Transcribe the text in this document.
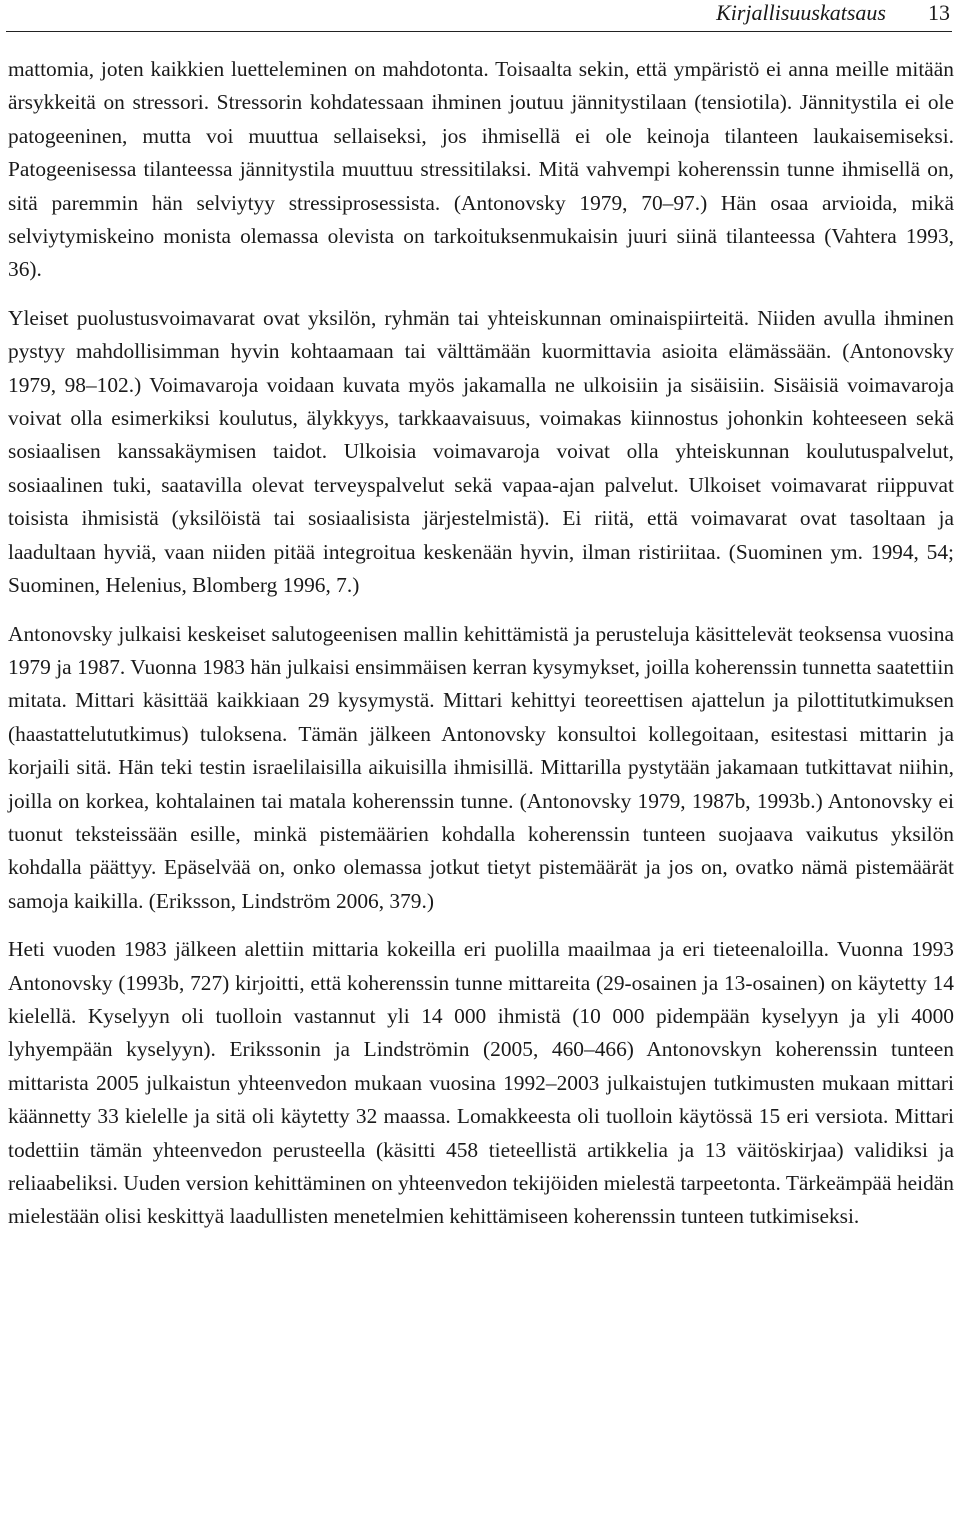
Kirjallisuuskatsaus 13

mattomia, joten kaikkien luetteleminen on mahdotonta. Toisaalta sekin, että ympäristö ei anna meille mitään ärsykkeitä on stressori. Stressorin kohdatessaan ihminen joutuu jännitystilaan (tensiotila). Jännitystila ei ole patogeeninen, mutta voi muuttua sellaiseksi, jos ihmisellä ei ole keinoja tilanteen laukaisemiseksi. Patogeenisessa tilanteessa jännitystila muuttuu stressitilaksi. Mitä vahvempi koherenssin tunne ihmisellä on, sitä paremmin hän selviytyy stressiprosessista. (Antonovsky 1979, 70–97.) Hän osaa arvioida, mikä selviytymiskeino monista olemassa olevista on tarkoituksenmukaisin juuri siinä tilanteessa (Vahtera 1993, 36).

Yleiset puolustusvoimavarat ovat yksilön, ryhmän tai yhteiskunnan ominaispiirteitä. Niiden avulla ihminen pystyy mahdollisimman hyvin kohtaamaan tai välttämään kuormittavia asioita elämässään. (Antonovsky 1979, 98–102.) Voimavaroja voidaan kuvata myös jakamalla ne ulkoisiin ja sisäisiin. Sisäisiä voimavaroja voivat olla esimerkiksi koulutus, älykkyys, tarkkaavaisuus, voimakas kiinnostus johonkin kohteeseen sekä sosiaalisen kanssakäymisen taidot. Ulkoisia voimavaroja voivat olla yhteiskunnan koulutuspalvelut, sosiaalinen tuki, saatavilla olevat terveyspalvelut sekä vapaa-ajan palvelut. Ulkoiset voimavarat riippuvat toisista ihmisistä (yksilöistä tai sosiaalisista järjestelmistä). Ei riitä, että voimavarat ovat tasoltaan ja laadultaan hyviä, vaan niiden pitää integroitua keskenään hyvin, ilman ristiriitaa. (Suominen ym. 1994, 54; Suominen, Helenius, Blomberg 1996, 7.)

Antonovsky julkaisi keskeiset salutogeenisen mallin kehittämistä ja perusteluja käsittelevät teoksensa vuosina 1979 ja 1987. Vuonna 1983 hän julkaisi ensimmäisen kerran kysymykset, joilla koherenssin tunnetta saatettiin mitata. Mittari käsittää kaikkiaan 29 kysymystä. Mittari kehittyi teoreettisen ajattelun ja pilottitutkimuksen (haastattelututkimus) tuloksena. Tämän jälkeen Antonovsky konsultoi kollegoitaan, esitestasi mittarin ja korjaili sitä. Hän teki testin israelilaisilla aikuisilla ihmisillä. Mittarilla pystytään jakamaan tutkittavat niihin, joilla on korkea, kohtalainen tai matala koherenssin tunne. (Antonovsky 1979, 1987b, 1993b.) Antonovsky ei tuonut teksteissään esille, minkä pistemäärien kohdalla koherenssin tunteen suojaava vaikutus yksilön kohdalla päättyy. Epäselvää on, onko olemassa jotkut tietyt pistemäärät ja jos on, ovatko nämä pistemäärät samoja kaikilla. (Eriksson, Lindström 2006, 379.)

Heti vuoden 1983 jälkeen alettiin mittaria kokeilla eri puolilla maailmaa ja eri tieteenaloilla. Vuonna 1993 Antonovsky (1993b, 727) kirjoitti, että koherenssin tunne mittareita (29-osainen ja 13-osainen) on käytetty 14 kielellä. Kyselyyn oli tuolloin vastannut yli 14 000 ihmistä (10 000 pidempään kyselyyn ja yli 4000 lyhyempään kyselyyn). Erikssonin ja Lindströmin (2005, 460–466) Antonovskyn koherenssin tunteen mittarista 2005 julkaistun yhteenvedon mukaan vuosina 1992–2003 julkaistujen tutkimusten mukaan mittari käännetty 33 kielelle ja sitä oli käytetty 32 maassa. Lomakkeesta oli tuolloin käytössä 15 eri versiota. Mittari todettiin tämän yhteenvedon perusteella (käsitti 458 tieteellistä artikkelia ja 13 väitöskirjaa) validiksi ja reliaabeliksi. Uuden version kehittäminen on yhteenvedon tekijöiden mielestä tarpeetonta. Tärkeämpää heidän mielestään olisi keskittyä laadullisten menetelmien kehittämiseen koherenssin tunteen tutkimiseksi.
